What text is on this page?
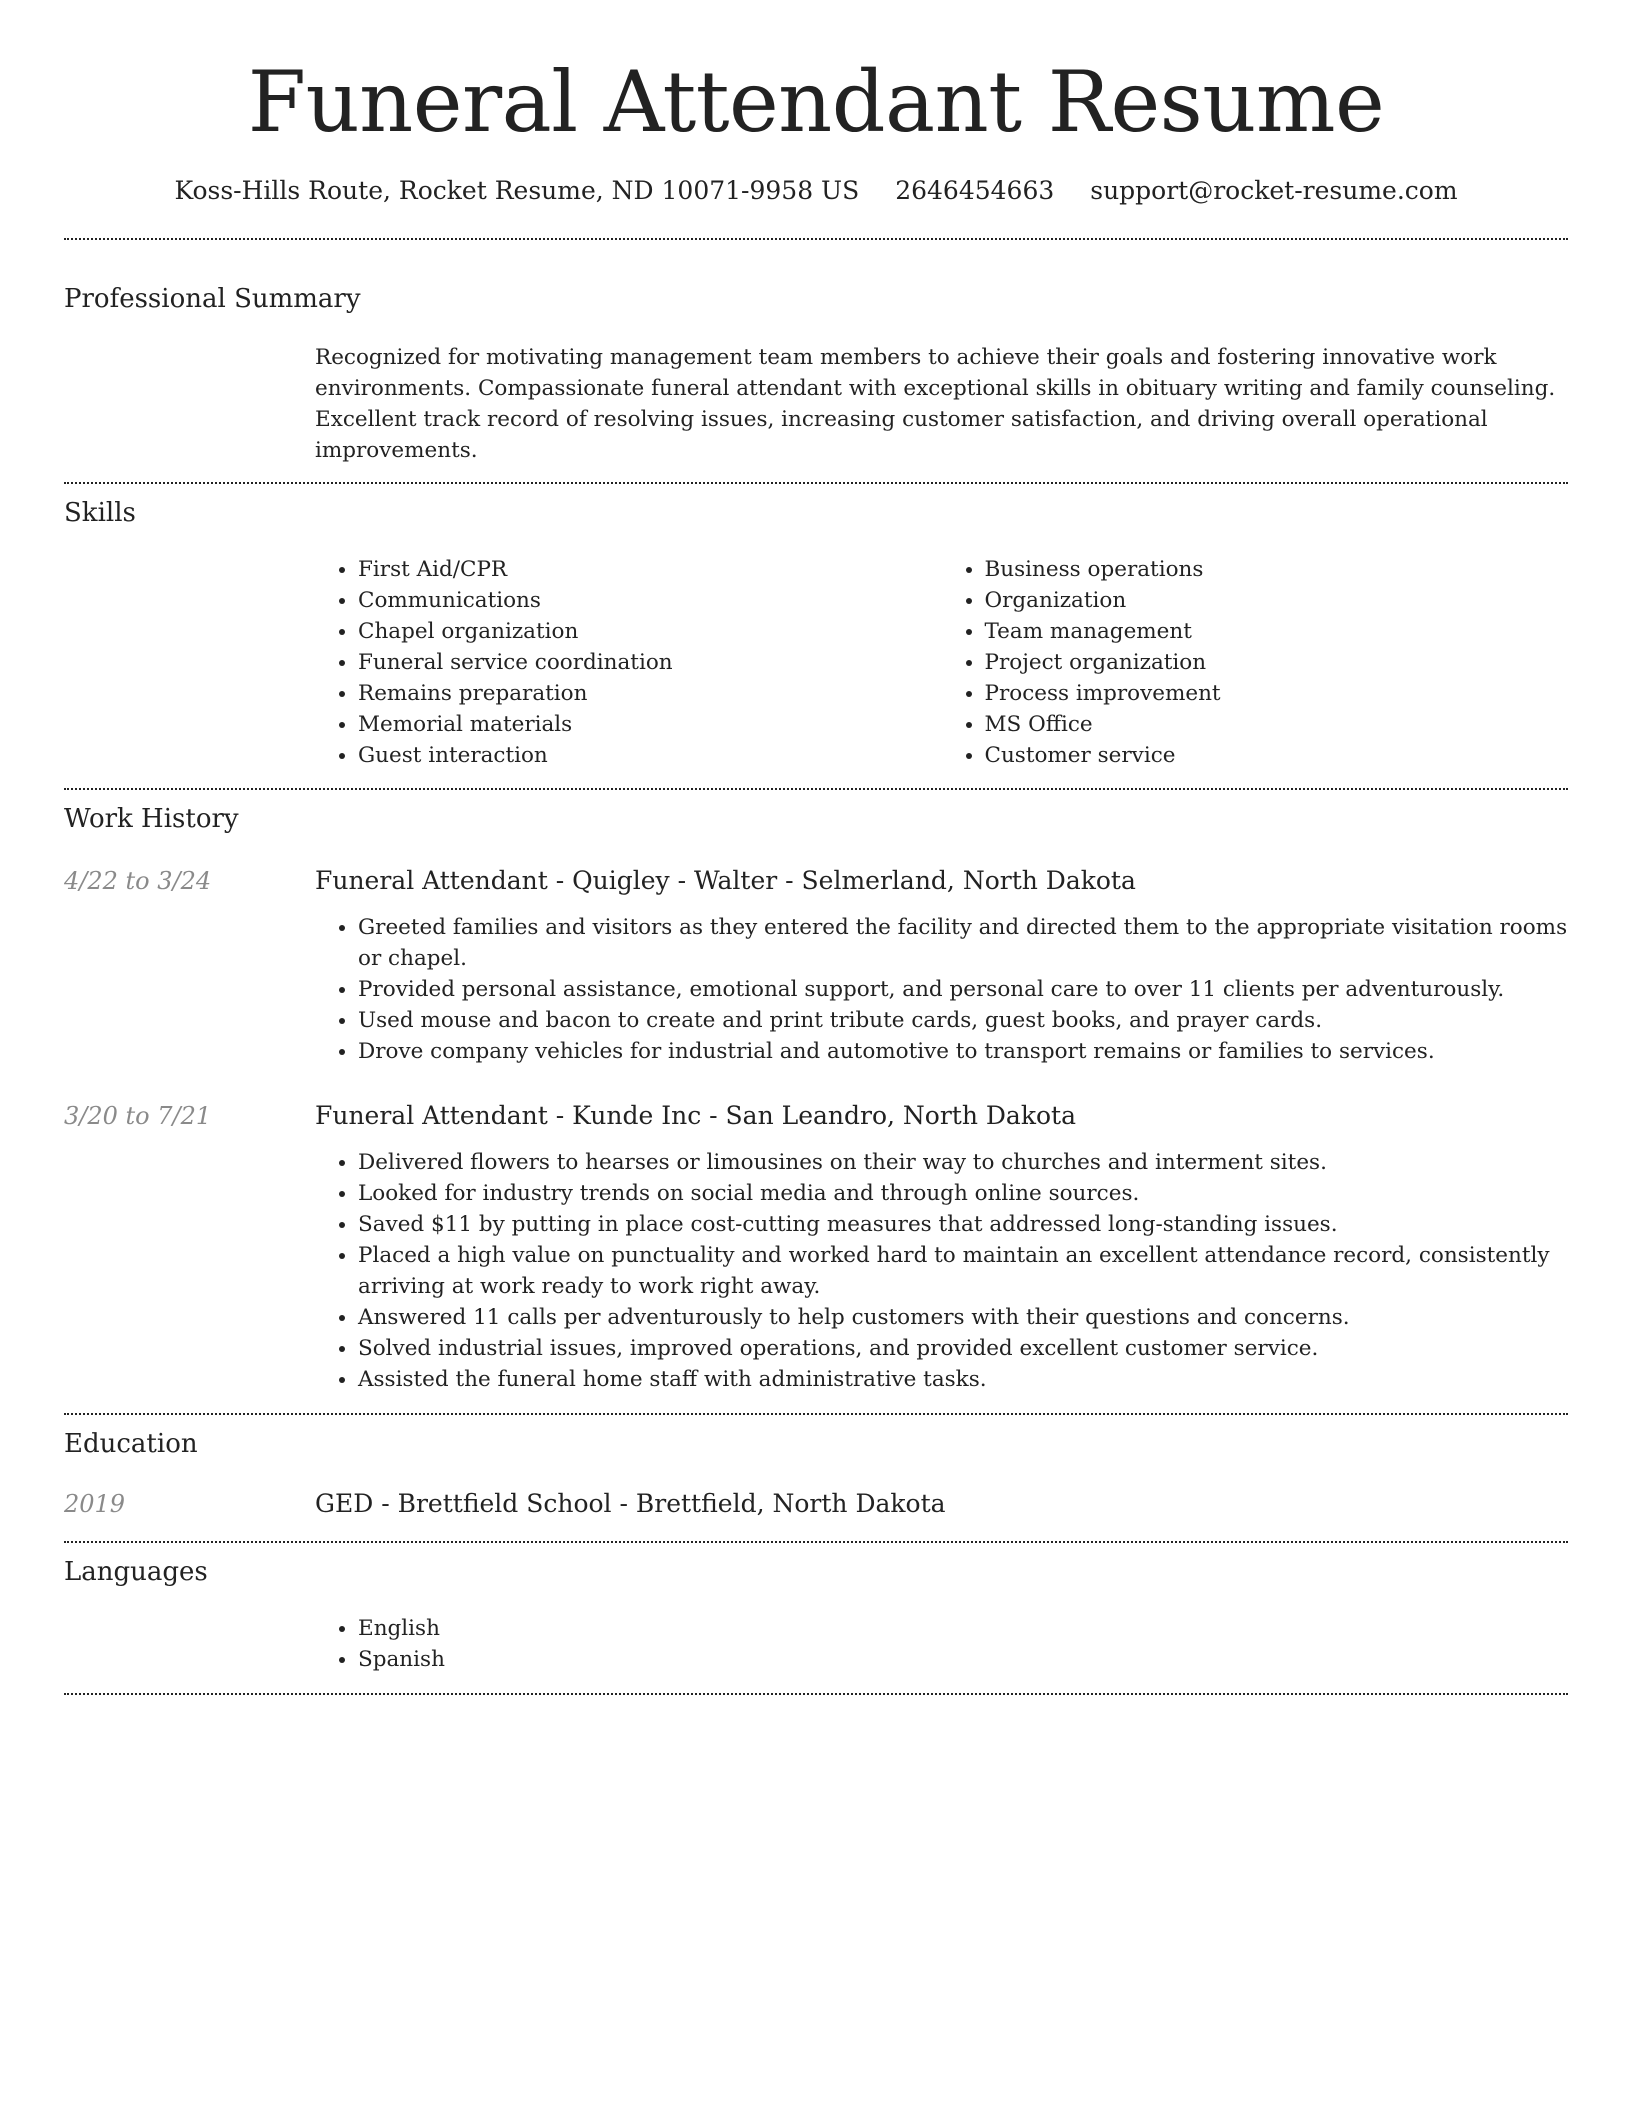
Funeral Attendant Resume
Koss-Hills Route, Rocket Resume, ND 10071-9958 US 2646454663 support@rocket-resume.com
Professional Summary
Recognized for motivating management team members to achieve their goals and fostering innovative work environments. Compassionate funeral attendant with exceptional skills in obituary writing and family counseling. Excellent track record of resolving issues, increasing customer satisfaction, and driving overall operational improvements.
Skills
• First Aid/CPR
• Communications
• Chapel organization
• Funeral service coordination
• Remains preparation
• Memorial materials
• Guest interaction
• Business operations
• Organization
• Team management
• Project organization
• Process improvement
• MS Office
• Customer service
Work History
4/22 to 3/24	Funeral Attendant - Quigley - Walter - Selmerland, North Dakota
• Greeted families and visitors as they entered the facility and directed them to the appropriate visitation rooms or chapel.
• Provided personal assistance, emotional support, and personal care to over 11 clients per adventurously.
• Used mouse and bacon to create and print tribute cards, guest books, and prayer cards.
• Drove company vehicles for industrial and automotive to transport remains or families to services.
3/20 to 7/21	Funeral Attendant - Kunde Inc - San Leandro, North Dakota
• Delivered flowers to hearses or limousines on their way to churches and interment sites.
• Looked for industry trends on social media and through online sources.
• Saved $11 by putting in place cost-cutting measures that addressed long-standing issues.
• Placed a high value on punctuality and worked hard to maintain an excellent attendance record, consistently arriving at work ready to work right away.
• Answered 11 calls per adventurously to help customers with their questions and concerns.
• Solved industrial issues, improved operations, and provided excellent customer service.
• Assisted the funeral home staff with administrative tasks.
Education
2019	GED - Brettfield School - Brettfield, North Dakota
Languages
• English
• Spanish
